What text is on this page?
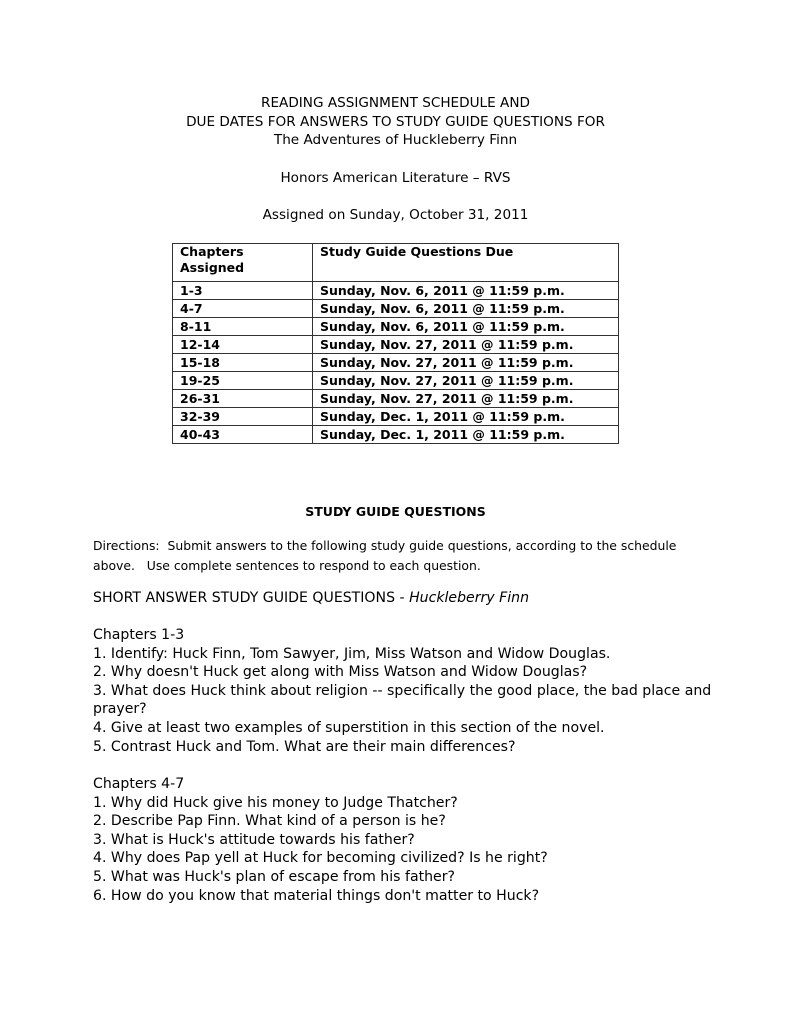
READING ASSIGNMENT SCHEDULE AND
DUE DATES FOR ANSWERS TO STUDY GUIDE QUESTIONS FOR
The Adventures of Huckleberry Finn
Honors American Literature – RVS
Assigned on Sunday, October 31, 2011
Chapters
Assigned	Study Guide Questions Due
1-3	Sunday, Nov. 6, 2011 @ 11:59 p.m.
4-7	Sunday, Nov. 6, 2011 @ 11:59 p.m.
8-11	Sunday, Nov. 6, 2011 @ 11:59 p.m.
12-14	Sunday, Nov. 27, 2011 @ 11:59 p.m.
15-18	Sunday, Nov. 27, 2011 @ 11:59 p.m.
19-25	Sunday, Nov. 27, 2011 @ 11:59 p.m.
26-31	Sunday, Nov. 27, 2011 @ 11:59 p.m.
32-39	Sunday, Dec. 1, 2011 @ 11:59 p.m.
40-43	Sunday, Dec. 1, 2011 @ 11:59 p.m.
STUDY GUIDE QUESTIONS
Directions:  Submit answers to the following study guide questions, according to the schedule
above.   Use complete sentences to respond to each question.
SHORT ANSWER STUDY GUIDE QUESTIONS - Huckleberry Finn
Chapters 1-3
1. Identify: Huck Finn, Tom Sawyer, Jim, Miss Watson and Widow Douglas.
2. Why doesn't Huck get along with Miss Watson and Widow Douglas?
3. What does Huck think about religion -- specifically the good place, the bad place and
prayer?
4. Give at least two examples of superstition in this section of the novel.
5. Contrast Huck and Tom. What are their main differences?
Chapters 4-7
1. Why did Huck give his money to Judge Thatcher?
2. Describe Pap Finn. What kind of a person is he?
3. What is Huck's attitude towards his father?
4. Why does Pap yell at Huck for becoming civilized? Is he right?
5. What was Huck's plan of escape from his father?
6. How do you know that material things don't matter to Huck?
